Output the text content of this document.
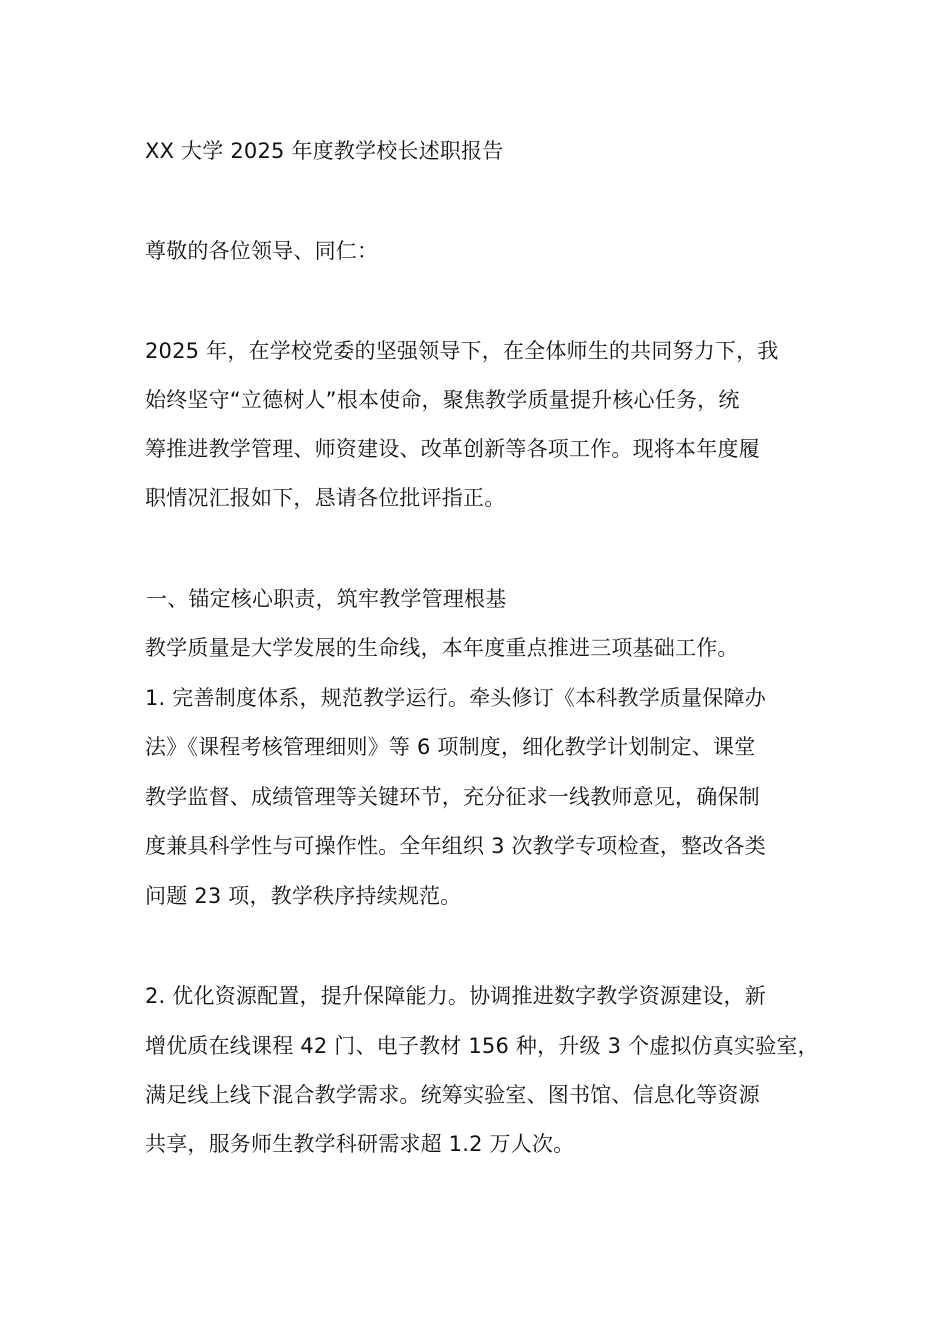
XX 大学 2025 年度教学校长述职报告
尊敬的各位领导、同仁：
2025 年，在学校党委的坚强领导下，在全体师生的共同努力下，我
始终坚守“立德树人”根本使命，聚焦教学质量提升核心任务，统
筹推进教学管理、师资建设、改革创新等各项工作。现将本年度履
职情况汇报如下，恳请各位批评指正。
一、锚定核心职责，筑牢教学管理根基
教学质量是大学发展的生命线，本年度重点推进三项基础工作。
1. 完善制度体系，规范教学运行。牵头修订《本科教学质量保障办
法》《课程考核管理细则》等 6 项制度，细化教学计划制定、课堂
教学监督、成绩管理等关键环节，充分征求一线教师意见，确保制
度兼具科学性与可操作性。全年组织 3 次教学专项检查，整改各类
问题 23 项，教学秩序持续规范。
2. 优化资源配置，提升保障能力。协调推进数字教学资源建设，新
增优质在线课程 42 门、电子教材 156 种，升级 3 个虚拟仿真实验室，
满足线上线下混合教学需求。统筹实验室、图书馆、信息化等资源
共享，服务师生教学科研需求超 1.2 万人次。
